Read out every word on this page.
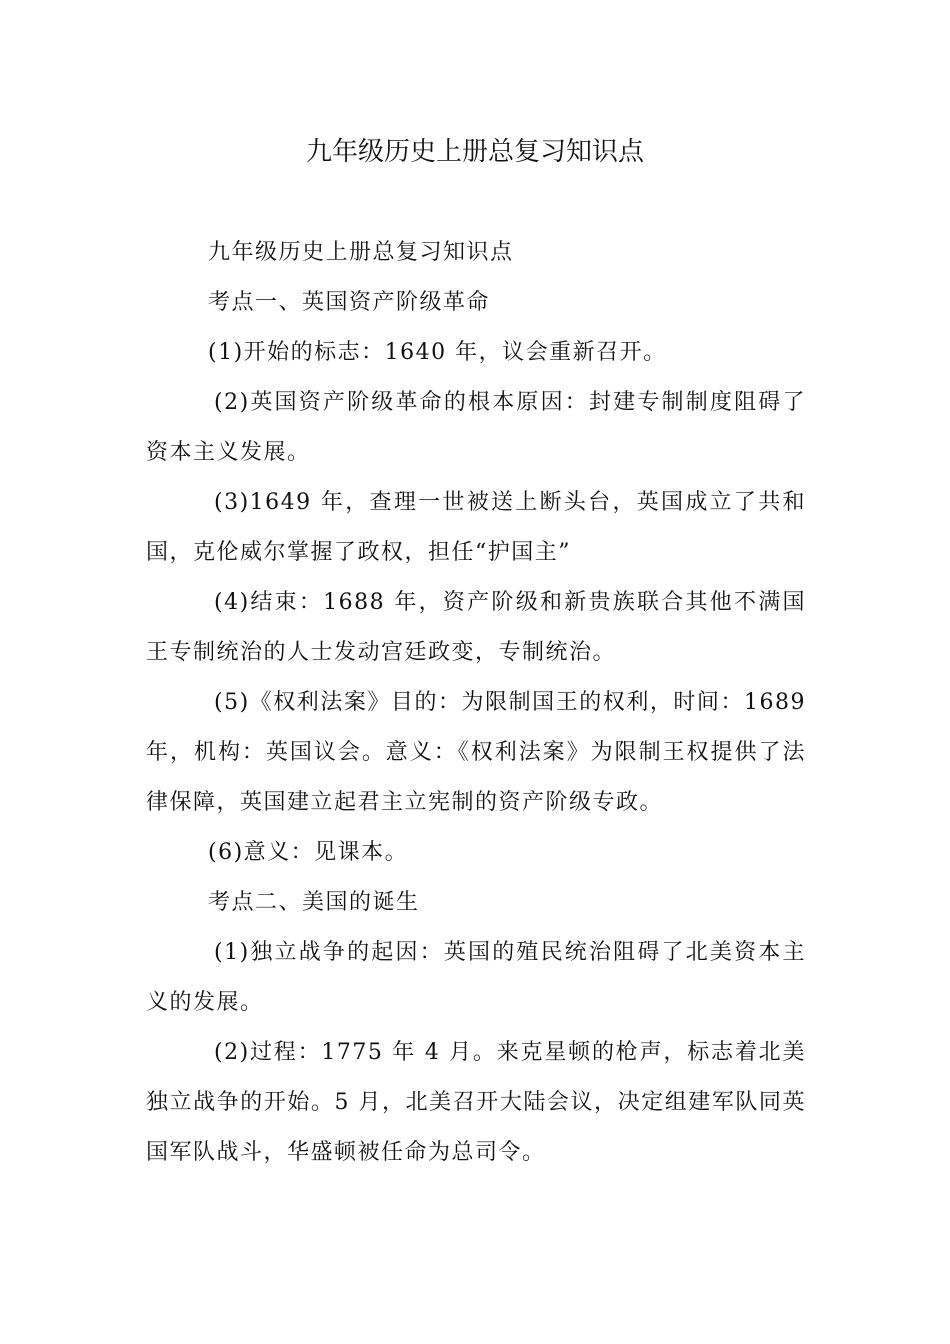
九年级历史上册总复习知识点

九年级历史上册总复习知识点

考点一、英国资产阶级革命

(1)开始的标志：1640 年，议会重新召开。

(2)英国资产阶级革命的根本原因：封建专制制度阻碍了资本主义发展。

(3)1649 年，查理一世被送上断头台，英国成立了共和国，克伦威尔掌握了政权，担任“护国主”

(4)结束：1688 年，资产阶级和新贵族联合其他不满国王专制统治的人士发动宫廷政变，专制统治。

(5)《权利法案》目的：为限制国王的权利，时间：1689 年，机构：英国议会。意义：《权利法案》为限制王权提供了法律保障，英国建立起君主立宪制的资产阶级专政。

(6)意义：见课本。

考点二、美国的诞生

(1)独立战争的起因：英国的殖民统治阻碍了北美资本主义的发展。

(2)过程：1775 年 4 月。来克星顿的枪声，标志着北美独立战争的开始。5 月，北美召开大陆会议，决定组建军队同英国军队战斗，华盛顿被任命为总司令。
